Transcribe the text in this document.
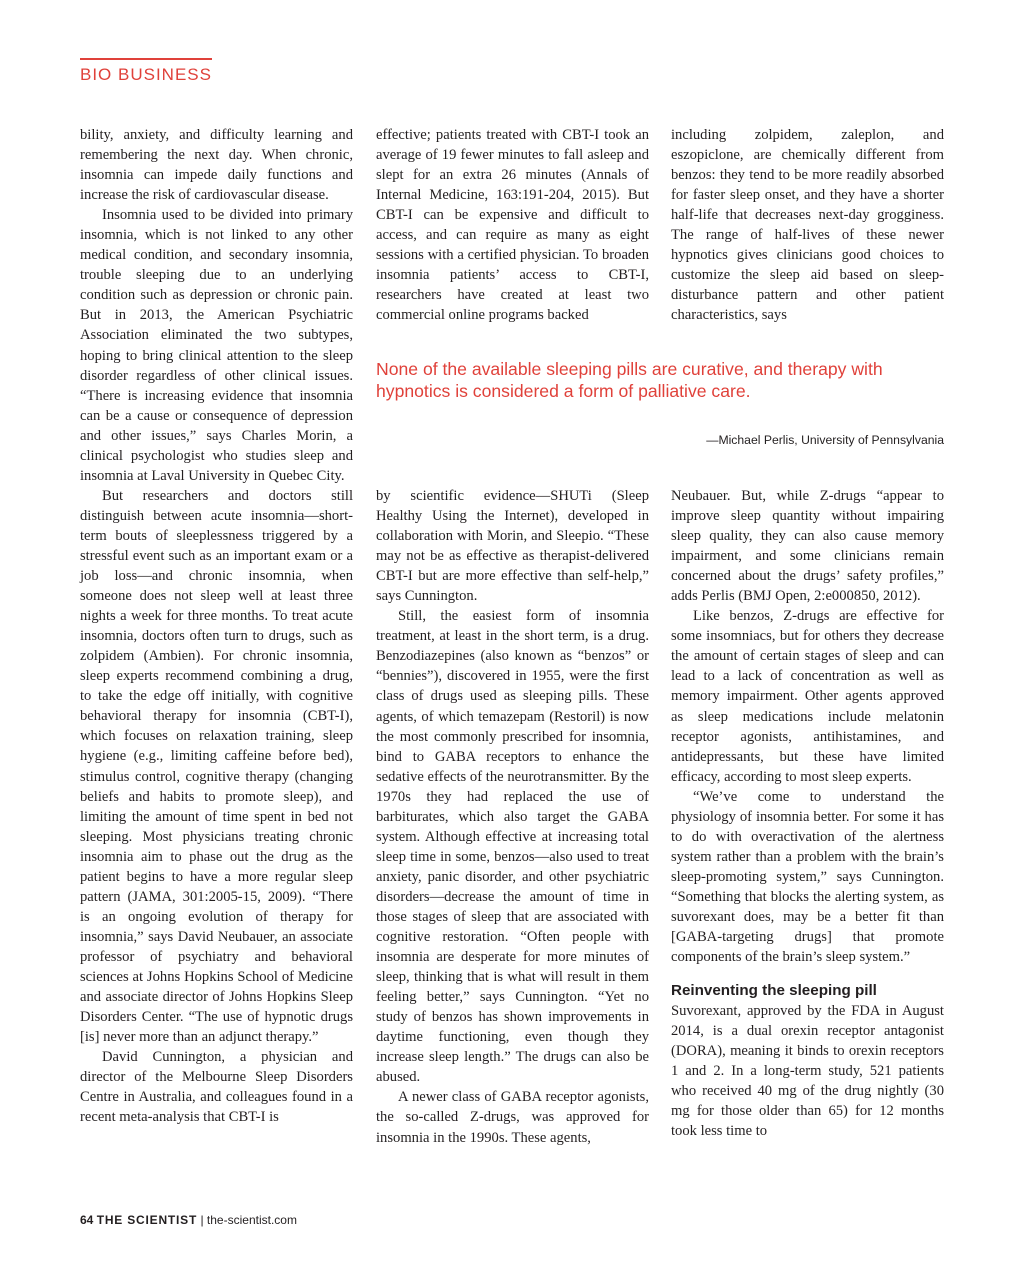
BIO BUSINESS

bility, anxiety, and difficulty learning and remembering the next day. When chronic, insomnia can impede daily functions and increase the risk of cardiovascular disease.

Insomnia used to be divided into primary insomnia, which is not linked to any other medical condition, and secondary insomnia, trouble sleeping due to an underlying condition such as depression or chronic pain. But in 2013, the American Psychiatric Association eliminated the two subtypes, hoping to bring clinical attention to the sleep disorder regardless of other clinical issues. “There is increasing evidence that insomnia can be a cause or consequence of depression and other issues,” says Charles Morin, a clinical psychologist who studies sleep and insomnia at Laval University in Quebec City.

But researchers and doctors still distinguish between acute insomnia—short-term bouts of sleeplessness triggered by a stressful event such as an important exam or a job loss—and chronic insomnia, when someone does not sleep well at least three nights a week for three months. To treat acute insomnia, doctors often turn to drugs, such as zolpidem (Ambien). For chronic insomnia, sleep experts recommend combining a drug, to take the edge off initially, with cognitive behavioral therapy for insomnia (CBT-I), which focuses on relaxation training, sleep hygiene (e.g., limiting caffeine before bed), stimulus control, cognitive therapy (changing beliefs and habits to promote sleep), and limiting the amount of time spent in bed not sleeping. Most physicians treating chronic insomnia aim to phase out the drug as the patient begins to have a more regular sleep pattern (JAMA, 301:2005-15, 2009). “There is an ongoing evolution of therapy for insomnia,” says David Neubauer, an associate professor of psychiatry and behavioral sciences at Johns Hopkins School of Medicine and associate director of Johns Hopkins Sleep Disorders Center. “The use of hypnotic drugs [is] never more than an adjunct therapy.”

David Cunnington, a physician and director of the Melbourne Sleep Disorders Centre in Australia, and colleagues found in a recent meta-analysis that CBT-I is

effective; patients treated with CBT-I took an average of 19 fewer minutes to fall asleep and slept for an extra 26 minutes (Annals of Internal Medicine, 163:191-204, 2015). But CBT-I can be expensive and difficult to access, and can require as many as eight sessions with a certified physician. To broaden insomnia patients’ access to CBT-I, researchers have created at least two commercial online programs backed

including zolpidem, zaleplon, and eszopiclone, are chemically different from benzos: they tend to be more readily absorbed for faster sleep onset, and they have a shorter half-life that decreases next-day grogginess. The range of half-lives of these newer hypnotics gives clinicians good choices to customize the sleep aid based on sleep-disturbance pattern and other patient characteristics, says

None of the available sleeping pills are curative, and therapy with hypnotics is considered a form of palliative care.
—Michael Perlis, University of Pennsylvania

by scientific evidence—SHUTi (Sleep Healthy Using the Internet), developed in collaboration with Morin, and Sleepio. “These may not be as effective as therapist-delivered CBT-I but are more effective than self-help,” says Cunnington.

Still, the easiest form of insomnia treatment, at least in the short term, is a drug. Benzodiazepines (also known as “benzos” or “bennies”), discovered in 1955, were the first class of drugs used as sleeping pills. These agents, of which temazepam (Restoril) is now the most commonly prescribed for insomnia, bind to GABA receptors to enhance the sedative effects of the neurotransmitter. By the 1970s they had replaced the use of barbiturates, which also target the GABA system. Although effective at increasing total sleep time in some, benzos—also used to treat anxiety, panic disorder, and other psychiatric disorders—decrease the amount of time in those stages of sleep that are associated with cognitive restoration. “Often people with insomnia are desperate for more minutes of sleep, thinking that is what will result in them feeling better,” says Cunnington. “Yet no study of benzos has shown improvements in daytime functioning, even though they increase sleep length.” The drugs can also be abused.

A newer class of GABA receptor agonists, the so-called Z-drugs, was approved for insomnia in the 1990s. These agents,

Neubauer. But, while Z-drugs “appear to improve sleep quantity without impairing sleep quality, they can also cause memory impairment, and some clinicians remain concerned about the drugs’ safety profiles,” adds Perlis (BMJ Open, 2:e000850, 2012).

Like benzos, Z-drugs are effective for some insomniacs, but for others they decrease the amount of certain stages of sleep and can lead to a lack of concentration as well as memory impairment. Other agents approved as sleep medications include melatonin receptor agonists, antihistamines, and antidepressants, but these have limited efficacy, according to most sleep experts.

“We’ve come to understand the physiology of insomnia better. For some it has to do with overactivation of the alertness system rather than a problem with the brain’s sleep-promoting system,” says Cunnington. “Something that blocks the alerting system, as suvorexant does, may be a better fit than [GABA-targeting drugs] that promote components of the brain’s sleep system.”

Reinventing the sleeping pill

Suvorexant, approved by the FDA in August 2014, is a dual orexin receptor antagonist (DORA), meaning it binds to orexin receptors 1 and 2. In a long-term study, 521 patients who received 40 mg of the drug nightly (30 mg for those older than 65) for 12 months took less time to

64 THE SCIENTIST | the-scientist.com
